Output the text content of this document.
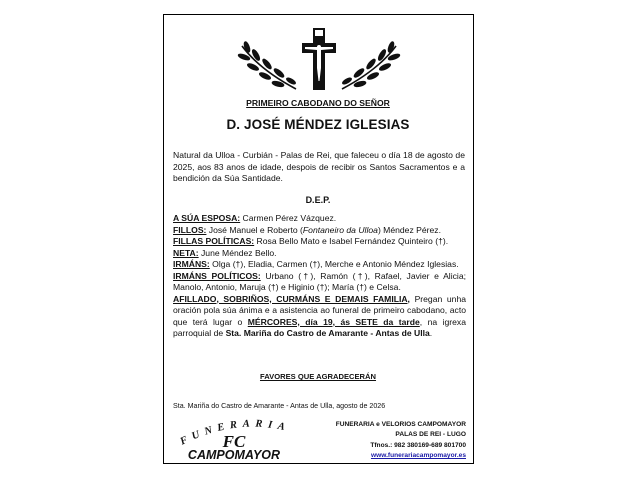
PRIMEIRO CABODANO DO SEÑOR
D. JOSÉ MÉNDEZ IGLESIAS
Natural da Ulloa - Curbián - Palas de Rei, que faleceu o día 18 de agosto de 2025, aos 83 anos de idade, despois de recibir os Santos Sacramentos e a bendición da Súa Santidade.
D.E.P.

A SÚA ESPOSA: Carmen Pérez Vázquez.

FILLOS: José Manuel e Roberto (Fontaneiro da Ulloa) Méndez Pérez.

FILLAS POLÍTICAS: Rosa Bello Mato e Isabel Fernández Quinteiro (†).

NETA: June Méndez Bello.

IRMÁNS: Olga (†), Eladia, Carmen (†), Merche e Antonio Méndez Iglesias.

IRMÁNS POLÍTICOS: Urbano (†), Ramón (†), Rafael, Javier e Alicia; Manolo, Antonio, Maruja (†) e Higinio (†); María (†) e Celsa.

AFILLADO, SOBRIÑOS, CURMÁNS E DEMAIS FAMILIA, Pregan unha oración pola súa ánima e a asistencia ao funeral de primeiro cabodano, acto que terá lugar o MÉRCORES, día 19, ás SETE da tarde, na igrexa parroquial de Sta. Mariña do Castro de Amarante - Antas de Ulla.

FAVORES QUE AGRADECERÁN
Sta. Mariña do Castro de Amarante - Antas de Ulla, agosto de 2026
FUNERARIA
FC
CAMPOMAYOR
FUNERARIA e VELORIOS CAMPOMAYOR
PALAS DE REI - LUGO
Tfnos.: 982 380169-689 801700
www.funerariacampomayor.es
